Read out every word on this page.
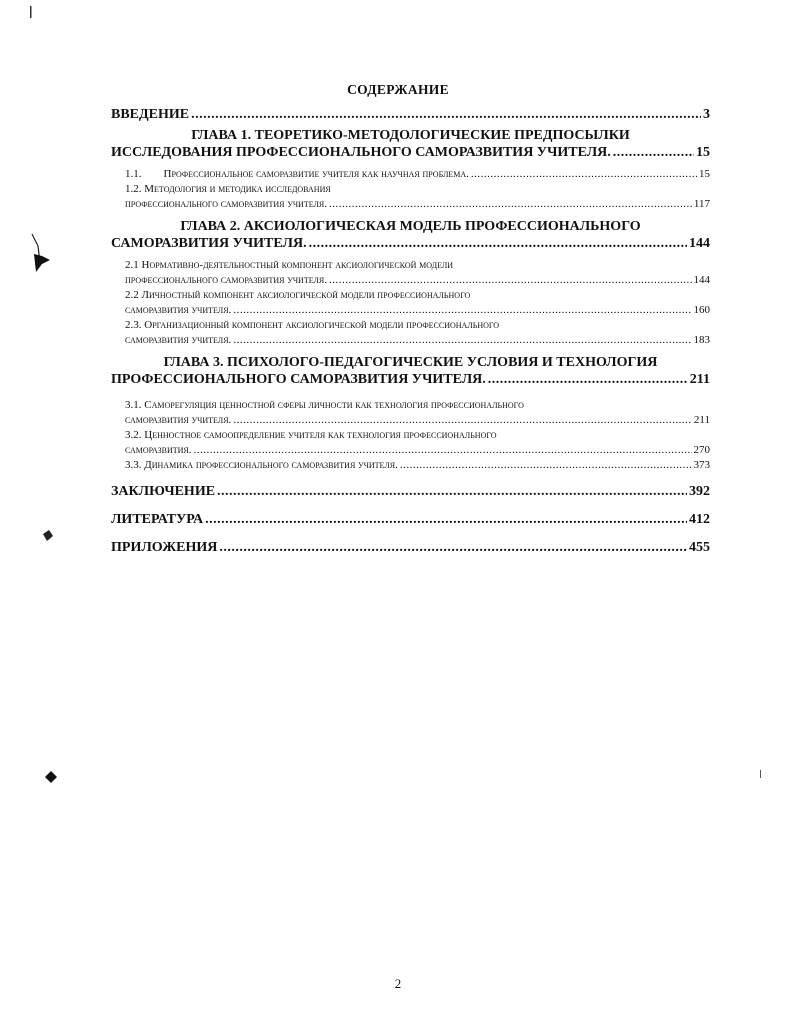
СОДЕРЖАНИЕ
ВВЕДЕНИЕ .....	3
ГЛАВА 1. ТЕОРЕТИКО-МЕТОДОЛОГИЧЕСКИЕ ПРЕДПОСЫЛКИ
ИССЛЕДОВАНИЯ ПРОФЕССИОНАЛЬНОГО САМОРАЗВИТИЯ УЧИТЕЛЯ. .....	15
1.1. Профессиональное саморазвитие учителя как научная проблема. .....	15
1.2. Методология и методика исследования
профессионального саморазвития учителя. .....	117
ГЛАВА 2. АКСИОЛОГИЧЕСКАЯ МОДЕЛЬ ПРОФЕССИОНАЛЬНОГО
САМОРАЗВИТИЯ УЧИТЕЛЯ. .....	144
2.1 Нормативно-деятельностный компонент аксиологической модели
профессионального саморазвития учителя. .....	144
2.2 Личностный компонент аксиологической модели профессионального
саморазвития учителя. .....	160
2.3. Организационный компонент аксиологической модели профессионального
саморазвития учителя. .....	183
ГЛАВА 3. ПСИХОЛОГО-ПЕДАГОГИЧЕСКИЕ УСЛОВИЯ И ТЕХНОЛОГИЯ
ПРОФЕССИОНАЛЬНОГО САМОРАЗВИТИЯ УЧИТЕЛЯ. .....	211
3.1. Саморегуляция ценностной сферы личности как технология профессионального
саморазвития учителя. .....	211
3.2. Ценностное самоопределение учителя как технология профессионального
саморазвития. .....	270
3.3. Динамика профессионального саморазвития учителя. .....	373
ЗАКЛЮЧЕНИЕ .....	392
ЛИТЕРАТУРА .....	412
ПРИЛОЖЕНИЯ .....	455
2
